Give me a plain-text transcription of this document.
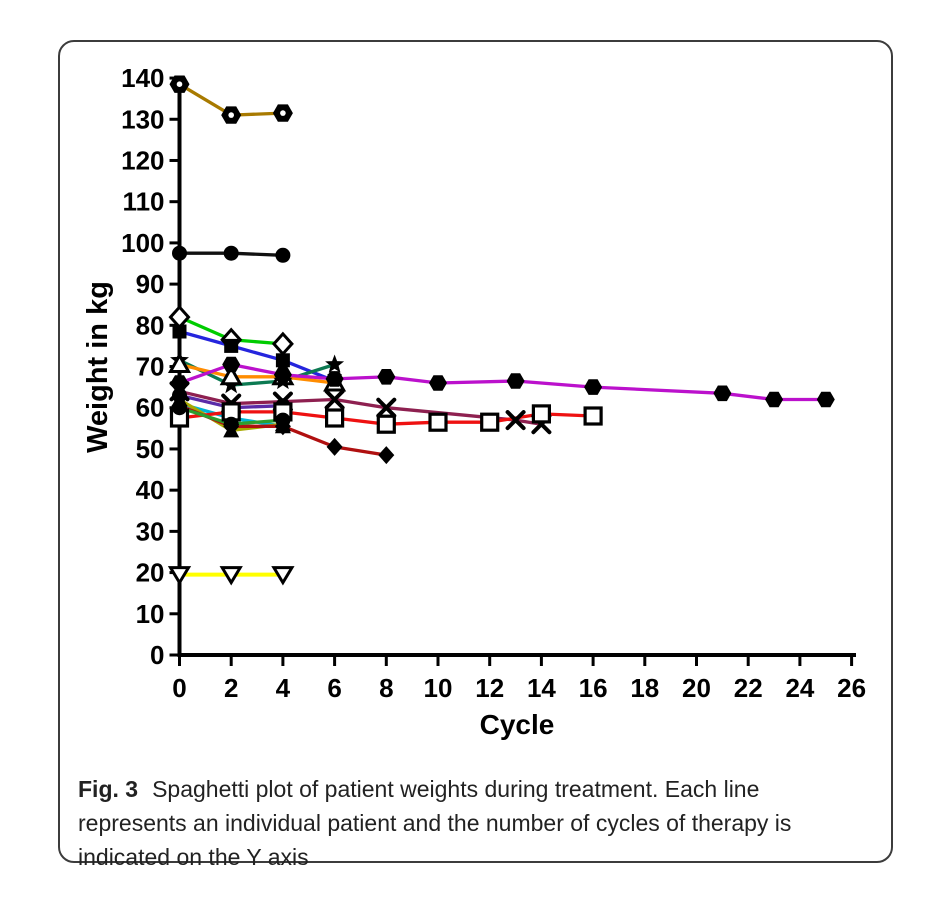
0
10
20
30
40
50
60
70
80
90
100
110
120
130
140
0 2 4 6 8 10 12 14 16 18 20 22 24 26
Weight in kg
Cycle
Fig. 3 Spaghetti plot of patient weights during treatment. Each line represents an individual patient and the number of cycles of therapy is indicated on the Y axis
